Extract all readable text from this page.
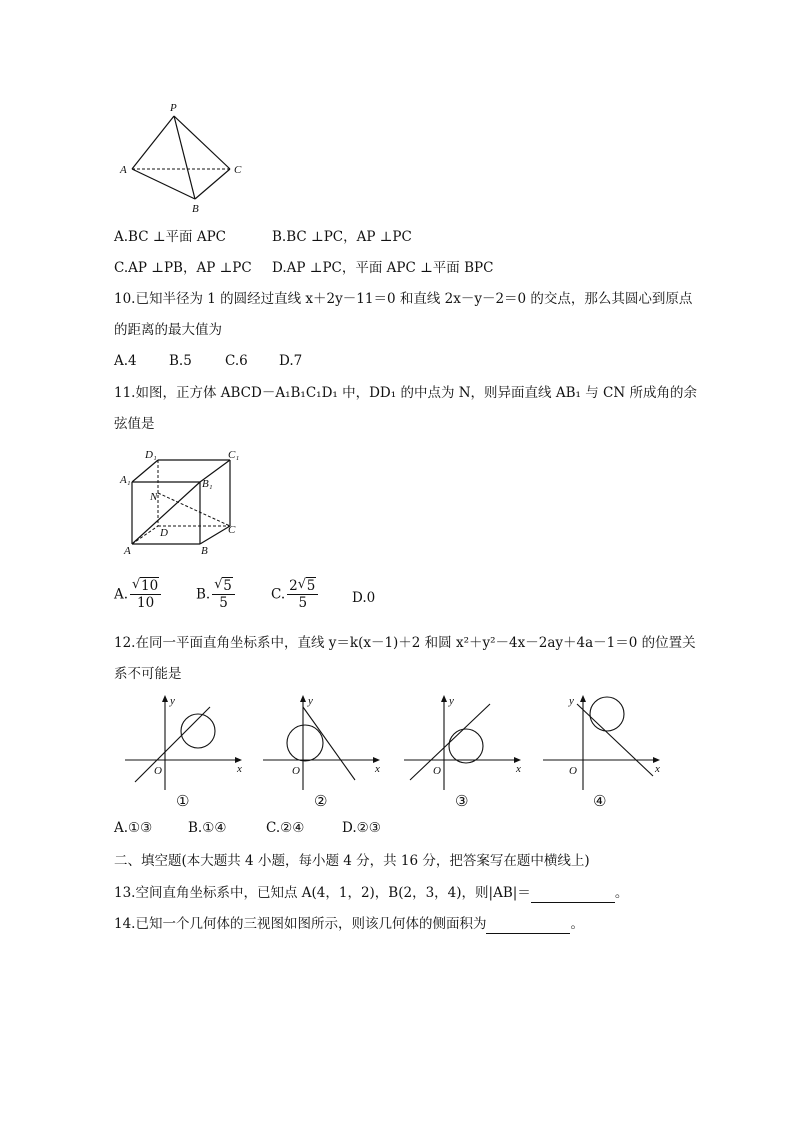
P
A	C
B
A.BC ⊥平面 APC	B.BC ⊥PC，AP ⊥PC
C.AP ⊥PB，AP ⊥PC D.AP ⊥PC，平面 APC ⊥平面 BPC
10.已知半径为 1 的圆经过直线 x＋2y－11＝0 和直线 2x－y－2＝0 的交点，那么其圆心到原点
的距离的最大值为
A.4 B.5 C.6 D.7
11.如图，正方体 ABCD－A₁B₁C₁D₁ 中，DD₁ 的中点为 N，则异面直线 AB₁ 与 CN 所成角的余
弦值是
D₁	C₁
A₁	B₁
N
D	C
A	B
A. √ $\frac{10}{10}$	B. √ $\frac{5}{5}$	C. $\frac{2 √ 5}{5} D.0$
12.在同一平面直角坐标系中，直线 y＝k(x－1)＋2 和圆 x²＋y²－4x－2ay＋4a－1＝0 的位置关
系不可能是
y
x
O
①
y
x
O
②
y
x
O
③
y
x
O
④
A.①③	B.①④	C.②④	D.②③
二、填空题(本大题共 4 小题，每小题 4 分，共 16 分，把答案写在题中横线上)
13.空间直角坐标系中，已知点 A(4，1，2)，B(2，3，4)，则|AB|＝	。
14.已知一个几何体的三视图如图所示，则该几何体的侧面积为	。
